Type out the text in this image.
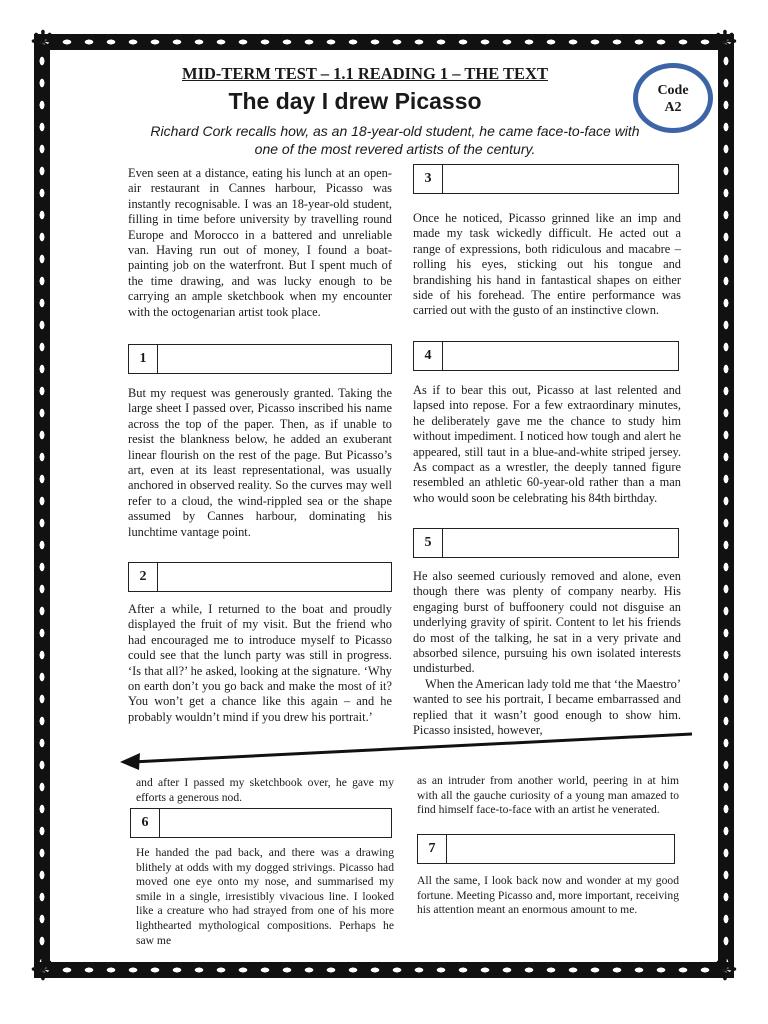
❋	❋
❋	❋
MID-TERM TEST – 1.1 READING 1 – THE TEXT
The day I drew Picasso
Richard Cork recalls how, as an 18-year-old student, he came face-to-face with one of the most revered artists of the century.
Code
A2

Even seen at a distance, eating his lunch at an open-air restaurant in Cannes harbour, Picasso was instantly recognisable. I was an 18-year-old student, filling in time before university by travelling round Europe and Morocco in a battered and unreliable van. Having run out of money, I found a boat-painting job on the waterfront. But I spent much of the time drawing, and was lucky enough to be carrying an ample sketchbook when my encounter with the octogenarian artist took place.

1

But my request was generously granted. Taking the large sheet I passed over, Picasso inscribed his name across the top of the paper. Then, as if unable to resist the blankness below, he added an exuberant linear flourish on the rest of the page. But Picasso’s art, even at its least representational, was usually anchored in observed reality. So the curves may well refer to a cloud, the wind-rippled sea or the shape assumed by Cannes harbour, dominating his lunchtime vantage point.

2

After a while, I returned to the boat and proudly displayed the fruit of my visit. But the friend who had encouraged me to introduce myself to Picasso could see that the lunch party was still in progress. ‘Is that all?’ he asked, looking at the signature. ‘Why on earth don’t you go back and make the most of it? You won’t get a chance like this again – and he probably wouldn’t mind if you drew his portrait.’

3

Once he noticed, Picasso grinned like an imp and made my task wickedly difficult. He acted out a range of expressions, both ridiculous and macabre – rolling his eyes, sticking out his tongue and brandishing his hand in fantastical shapes on either side of his forehead. The entire performance was carried out with the gusto of an instinctive clown.

4

As if to bear this out, Picasso at last relented and lapsed into repose. For a few extraordinary minutes, he deliberately gave me the chance to study him without impediment. I noticed how tough and alert he appeared, still taut in a blue-and-white striped jersey. As compact as a wrestler, the deeply tanned figure resembled an athletic 60-year-old rather than a man who would soon be celebrating his 84th birthday.

5

He also seemed curiously removed and alone, even though there was plenty of company nearby. His engaging burst of buffoonery could not disguise an underlying gravity of spirit. Content to let his friends do most of the talking, he sat in a very private and absorbed silence, pursuing his own isolated interests undisturbed.

When the American lady told me that ‘the Maestro’ wanted to see his portrait, I became embarrassed and replied that it wasn’t good enough to show him. Picasso insisted, however,

and after I passed my sketchbook over, he gave my efforts a generous nod.

6

He handed the pad back, and there was a drawing blithely at odds with my dogged strivings. Picasso had moved one eye onto my nose, and summarised my smile in a single, irresistibly vivacious line. I looked like a creature who had strayed from one of his more lighthearted mythological compositions. Perhaps he saw me

as an intruder from another world, peering in at him with all the gauche curiosity of a young man amazed to find himself face-to-face with an artist he venerated.

7

All the same, I look back now and wonder at my good fortune. Meeting Picasso and, more important, receiving his attention meant an enormous amount to me.
